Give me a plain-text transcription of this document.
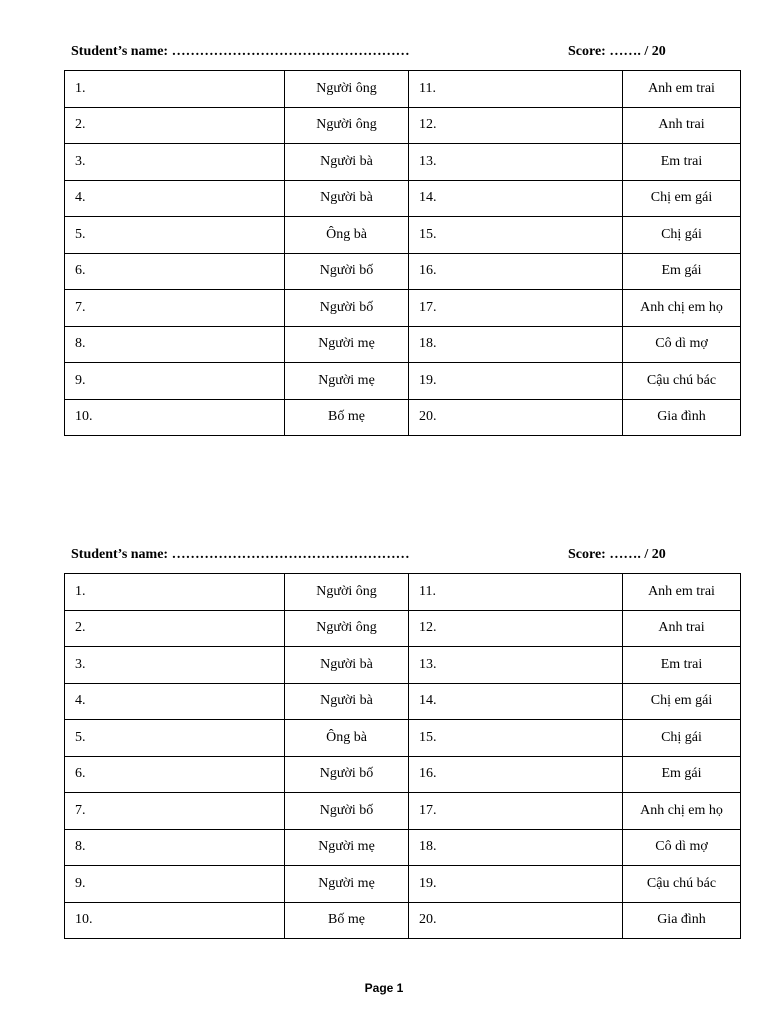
Student’s name: ……………………………………………	Score: ……. / 20
1.	Người ông	11.	Anh em trai
2.	Người ông	12.	Anh trai
3.	Người bà	13.	Em trai
4.	Người bà	14.	Chị em gái
5.	Ông bà	15.	Chị gái
6.	Người bố	16.	Em gái
7.	Người bố	17.	Anh chị em họ
8.	Người mẹ	18.	Cô dì mợ
9.	Người mẹ	19.	Cậu chú bác
10.	Bố mẹ	20.	Gia đình
Student’s name: ……………………………………………	Score: ……. / 20
1.	Người ông	11.	Anh em trai
2.	Người ông	12.	Anh trai
3.	Người bà	13.	Em trai
4.	Người bà	14.	Chị em gái
5.	Ông bà	15.	Chị gái
6.	Người bố	16.	Em gái
7.	Người bố	17.	Anh chị em họ
8.	Người mẹ	18.	Cô dì mợ
9.	Người mẹ	19.	Cậu chú bác
10.	Bố mẹ	20.	Gia đình
Page 1
